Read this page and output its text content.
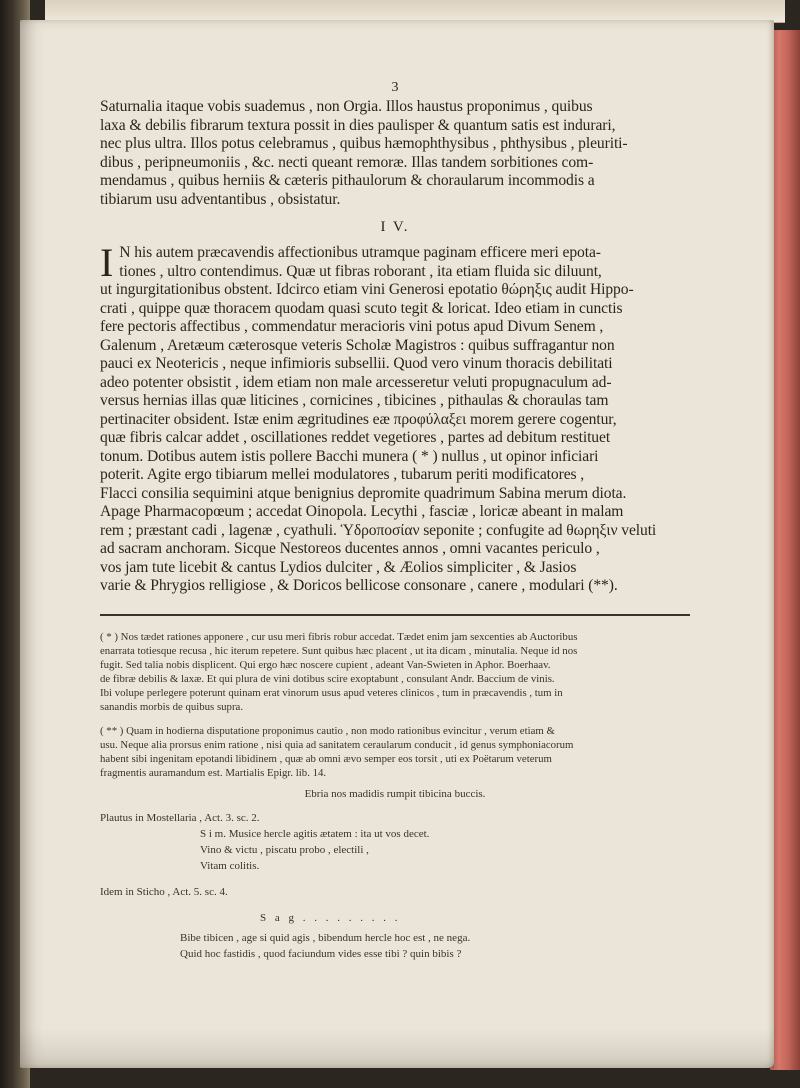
3

Saturnalia itaque vobis suademus , non Orgia. Illos haustus proponimus , quibus
laxa & debilis fibrarum textura possit in dies paulisper & quantum satis est indurari,
nec plus ultra. Illos potus celebramus , quibus hæmophthysibus , phthysibus , pleuriti-
dibus , peripneumoniis , &c. necti queant remoræ. Illas tandem sorbitiones com-
mendamus , quibus herniis & cæteris pithaulorum & choraularum incommodis a
tibiarum usu adventantibus , obsistatur.

I V.

I N his autem præcavendis affectionibus utramque paginam efficere meri epota-
tiones , ultro contendimus. Quæ ut fibras roborant , ita etiam fluida sic diluunt,
ut ingurgitationibus obstent. Idcirco etiam vini Generosi epotatio θώρηξις audit Hippo-
crati , quippe quæ thoracem quodam quasi scuto tegit & loricat. Ideo etiam in cunctis
fere pectoris affectibus , commendatur meracioris vini potus apud Divum Senem ,
Galenum , Aretæum cæterosque veteris Scholæ Magistros : quibus suffragantur non
pauci ex Neotericis , neque infimioris subsellii. Quod vero vinum thoracis debilitati
adeo potenter obsistit , idem etiam non male arcesseretur veluti propugnaculum ad-
versus hernias illas quæ liticines , cornicines , tibicines , pithaulas & choraulas tam
pertinaciter obsident. Istæ enim ægritudines eæ προφύλαξει morem gerere cogentur,
quæ fibris calcar addet , oscillationes reddet vegetiores , partes ad debitum restituet
tonum. Dotibus autem istis pollere Bacchi munera ( * ) nullus , ut opinor inficiari
poterit. Agite ergo tibiarum mellei modulatores , tubarum periti modificatores ,
Flacci consilia sequimini atque benignius depromite quadrimum Sabina merum diota.
Apage Pharmacopœum ; accedat Oinopola. Lecythi , fasciæ , loricæ abeant in malam
rem ; præstant cadi , lagenæ , cyathuli. Ὑδροποσίαν seponite ; confugite ad θωρηξιν veluti
ad sacram anchoram. Sicque Nestoreos ducentes annos , omni vacantes periculo ,
vos jam tute licebit & cantus Lydios dulciter , & Æolios simpliciter , & Jasios
varie & Phrygios relligiose , & Doricos bellicose consonare , canere , modulari (**).

( * ) Nos tædet rationes apponere , cur usu meri fibris robur accedat. Tædet enim jam sexcenties ab Auctoribus
enarrata totiesque recusa , hic iterum repetere. Sunt quibus hæc placent , ut ita dicam , minutalia. Neque id nos
fugit. Sed talia nobis displicent. Qui ergo hæc noscere cupient , adeant Van-Swieten in Aphor. Boerhaav.
de fibræ debilis & laxæ. Et qui plura de vini dotibus scire exoptabunt , consulant Andr. Baccium de vinis.
Ibi volupe perlegere poterunt quinam erat vinorum usus apud veteres clinicos , tum in præcavendis , tum in
sanandis morbis de quibus supra.
( ** ) Quam in hodierna disputatione proponimus cautio , non modo rationibus evincitur , verum etiam &
usu. Neque alia prorsus enim ratione , nisi quia ad sanitatem ceraularum conducit , id genus symphoniacorum
habent sibi ingenitam epotandi libidinem , quæ ab omni ævo semper eos torsit , uti ex Poëtarum veterum
fragmentis auramandum est. Martialis Epigr. lib. 14.
Ebria nos madidis rumpit tibicina buccis.
Plautus in Mostellaria , Act. 3. sc. 2.
S i m. Musice hercle agitis ætatem : ita ut vos decet.
Vino & victu , piscatu probo , electili ,
Vitam colitis.
Idem in Sticho , Act. 5. sc. 4.
S a g . . . . . . . . .
Bibe tibicen , age si quid agis , bibendum hercle hoc est , ne nega.
Quid hoc fastidis , quod faciundum vides esse tibi ? quin bibis ?
